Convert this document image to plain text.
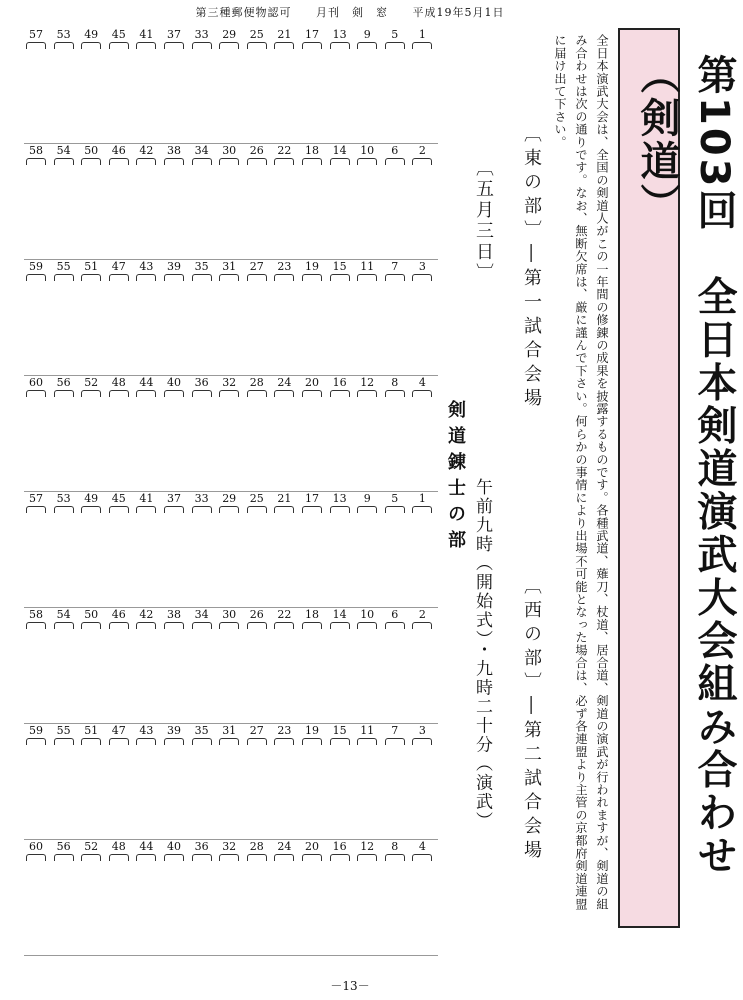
第三種郵便物認可 月刊　剣　窓 平成19年5月1日
第103回　全日本剣道演武大会組み合わせ（剣道）
全日本演武大会は、全国の剣道人がこの一年間の修錬の成果を披露するものです。各種武道、薙刀、杖道、居合道、剣道の演武が行われますが、剣道の組み合わせは次の通りです。なお、無断欠席は、厳に謹んで下さい。何らかの事情により出場不可能となった場合は、必ず各連盟より主管の京都府剣道連盟に届け出て下さい。
〔東の部〕―第一試合会場
〔西の部〕―第二試合会場
〔五月三日〕
午前九時（開始式）・九時二十分（演武）
剣道錬士の部
57	53	49	45	41	37	33	29	25	21	17	13	9	5	1
58	54	50	46	42	38	34	30	26	22	18	14	10	6	2
59	55	51	47	43	39	35	31	27	23	19	15	11	7	3
60	56	52	48	44	40	36	32	28	24	20	16	12	8	4
57	53	49	45	41	37	33	29	25	21	17	13	9	5	1
58	54	50	46	42	38	34	30	26	22	18	14	10	6	2
59	55	51	47	43	39	35	31	27	23	19	15	11	7	3
60	56	52	48	44	40	36	32	28	24	20	16	12	8	4
－13－
